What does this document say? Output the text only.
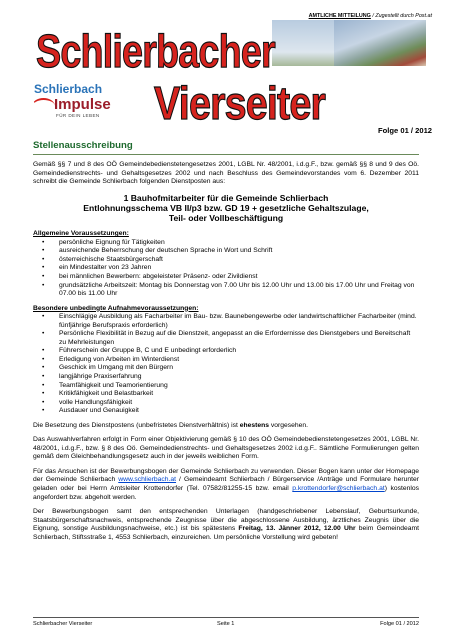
AMTLICHE MITTEILUNG / Zugestellt durch Post.at
Schlierbacher
Schlierbach
Impulse
FÜR DEIN LEBEN Vierseiter
Folge 01 / 2012
Stellenausschreibung

Gemäß §§ 7 und 8 des OÖ Gemeindebedienstetengesetzes 2001, LGBL Nr. 48/2001, i.d.g.F., bzw. gemäß §§ 8 und 9 des Oö. Gemeindedienstrechts- und Gehaltsgesetzes 2002 und nach Beschluss des Gemeindevorstandes vom 6. Dezember 2011 schreibt die Gemeinde Schlierbach folgenden Dienstposten aus:

1 Bauhofmitarbeiter für die Gemeinde Schlierbach
Entlohnungsschema VB II/p3 bzw. GD 19 + gesetzliche Gehaltszulage,
Teil- oder Vollbeschäftigung

Allgemeine Voraussetzungen:

• persönliche Eignung für Tätigkeiten
• ausreichende Beherrschung der deutschen Sprache in Wort und Schrift
• österreichische Staatsbürgerschaft
• ein Mindestalter von 23 Jahren
• bei männlichen Bewerbern: abgeleisteter Präsenz- oder Zivildienst
• grundsätzliche Arbeitszeit: Montag bis Donnerstag von 7.00 Uhr bis 12.00 Uhr und 13.00 bis 17.00 Uhr und Freitag von 07.00 bis 11.00 Uhr

Besondere unbedingte Aufnahmevoraussetzungen:

• Einschlägige Ausbildung als Facharbeiter im Bau- bzw. Baunebengewerbe oder landwirtschaftlicher Facharbeiter (mind. fünfjährige Berufspraxis erforderlich)
• Persönliche Flexibilität in Bezug auf die Dienstzeit, angepasst an die Erfordernisse des Dienstgebers und Bereitschaft zu Mehrleistungen
• Führerschein der Gruppe B, C und E unbedingt erforderlich
• Erledigung von Arbeiten im Winterdienst
• Geschick im Umgang mit den Bürgern
• langjährige Praxiserfahrung
• Teamfähigkeit und Teamorientierung
• Kritikfähigkeit und Belastbarkeit
• volle Handlungsfähigkeit
• Ausdauer und Genauigkeit

Die Besetzung des Dienstpostens (unbefristetes Dienstverhältnis) ist ehestens vorgesehen.

Das Auswahlverfahren erfolgt in Form einer Objektivierung gemäß § 10 des OÖ Gemeindebedienstetengesetzes 2001, LGBL Nr. 48/2001, i.d.g.F., bzw. § 8 des Oö. Gemeindedienstrechts- und Gehaltsgesetzes 2002 i.d.g.F.. Sämtliche Formulierungen gelten gemäß dem Gleichbehandlungsgesetz auch in der jeweils weiblichen Form.

Für das Ansuchen ist der Bewerbungsbogen der Gemeinde Schlierbach zu verwenden. Dieser Bogen kann unter der Homepage der Gemeinde Schlierbach www.schlierbach.at / Gemeindeamt Schlierbach / Bürgerservice /Anträge und Formulare herunter geladen oder bei Herrn Amtsleiter Krottendorfer (Tel. 07582/81255-15 bzw. email p.krottendorfer@schlierbach.at) kostenlos angefordert bzw. abgeholt werden.

Der Bewerbungsbogen samt den entsprechenden Unterlagen (handgeschriebener Lebenslauf, Geburtsurkunde, Staatsbürgerschaftsnachweis, entsprechende Zeugnisse über die abgeschlossene Ausbildung, ärztliches Zeugnis über die Eignung, sonstige Ausbildungsnachweise, etc.) ist bis spätestens Freitag, 13. Jänner 2012, 12.00 Uhr beim Gemeindeamt Schlierbach, Stiftsstraße 1, 4553 Schlierbach, einzureichen. Um persönliche Vorstellung wird gebeten!

Schlierbacher Vierseiter	Seite 1	Folge 01 / 2012
